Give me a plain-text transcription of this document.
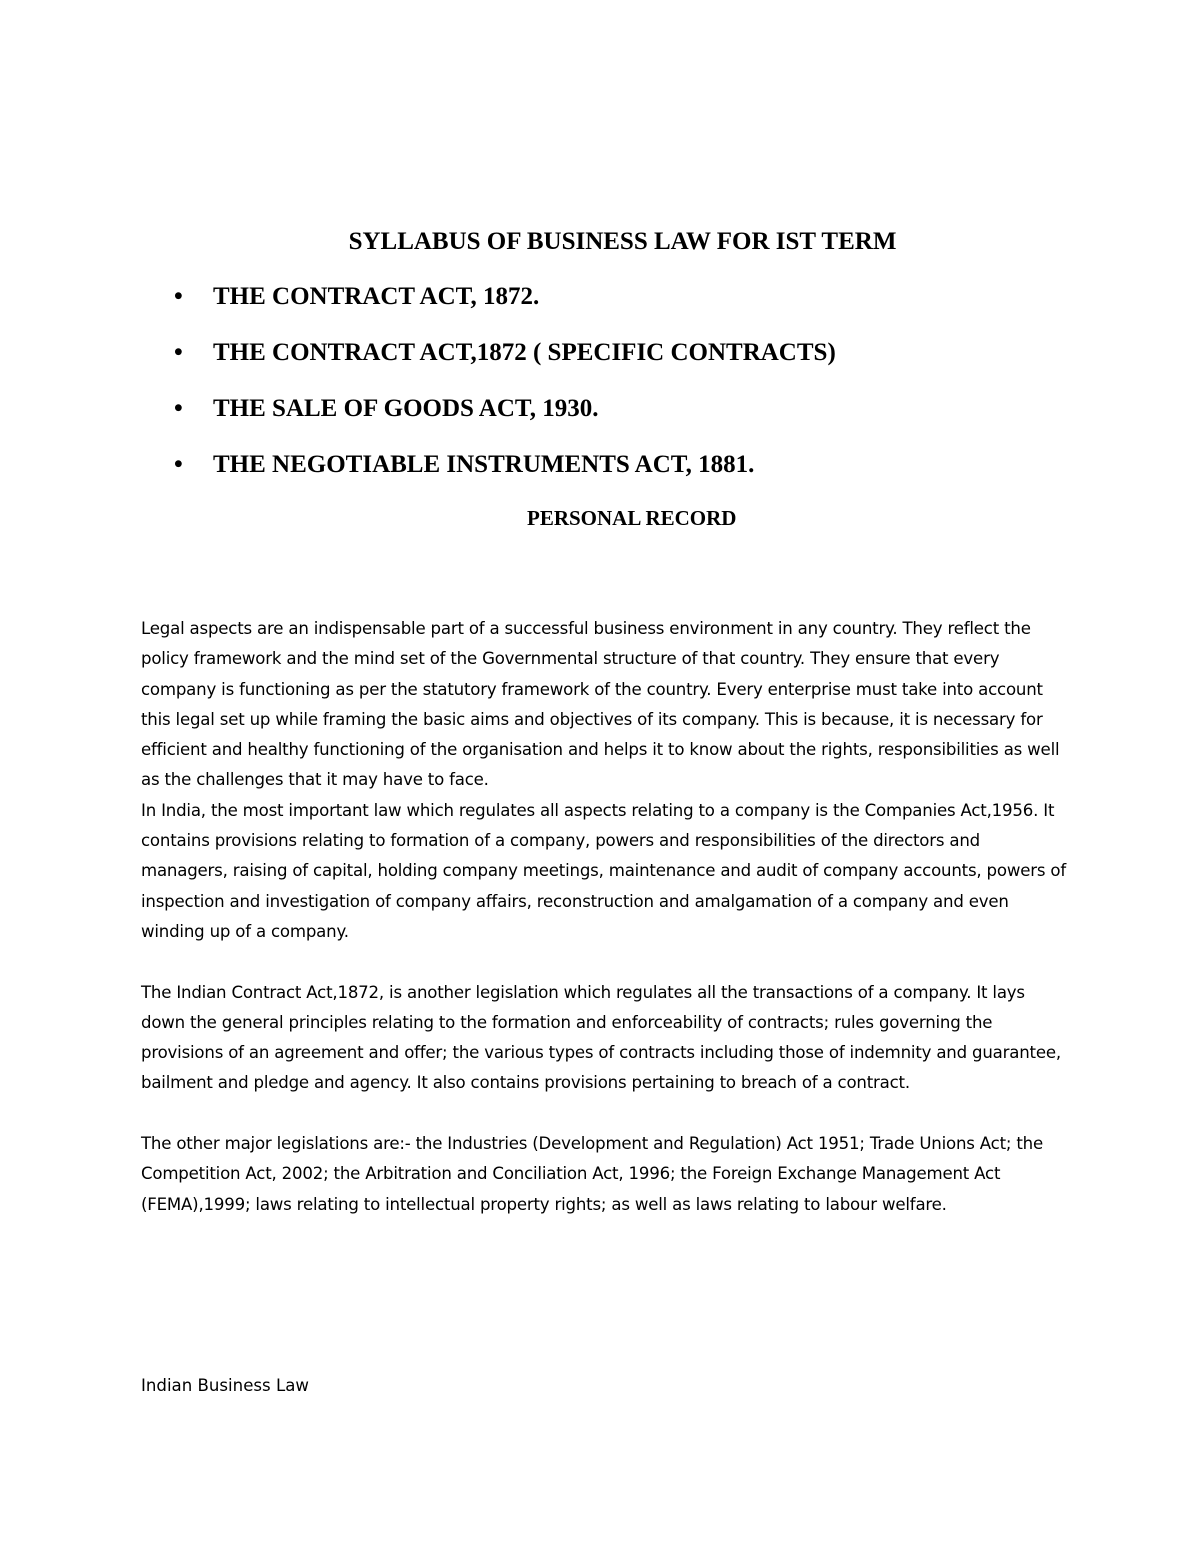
SYLLABUS OF BUSINESS LAW FOR IST TERM
• THE CONTRACT ACT, 1872.
• THE CONTRACT ACT,1872 ( SPECIFIC CONTRACTS)
• THE SALE OF GOODS ACT, 1930.
• THE NEGOTIABLE INSTRUMENTS ACT, 1881.
PERSONAL RECORD

Legal aspects are an indispensable part of a successful business environment in any country. They reflect the policy framework and the mind set of the Governmental structure of that country. They ensure that every company is functioning as per the statutory framework of the country. Every enterprise must take into account this legal set up while framing the basic aims and objectives of its company. This is because, it is necessary for efficient and healthy functioning of the organisation and helps it to know about the rights, responsibilities as well as the challenges that it may have to face.

In India, the most important law which regulates all aspects relating to a company is the Companies Act,1956. It contains provisions relating to formation of a company, powers and responsibilities of the directors and managers, raising of capital, holding company meetings, maintenance and audit of company accounts, powers of inspection and investigation of company affairs, reconstruction and amalgamation of a company and even winding up of a company.

The Indian Contract Act,1872, is another legislation which regulates all the transactions of a company. It lays down the general principles relating to the formation and enforceability of contracts; rules governing the provisions of an agreement and offer; the various types of contracts including those of indemnity and guarantee, bailment and pledge and agency. It also contains provisions pertaining to breach of a contract.

The other major legislations are:- the Industries (Development and Regulation) Act 1951; Trade Unions Act; the Competition Act, 2002; the Arbitration and Conciliation Act, 1996; the Foreign Exchange Management Act (FEMA),1999; laws relating to intellectual property rights; as well as laws relating to labour welfare.

Indian Business Law
